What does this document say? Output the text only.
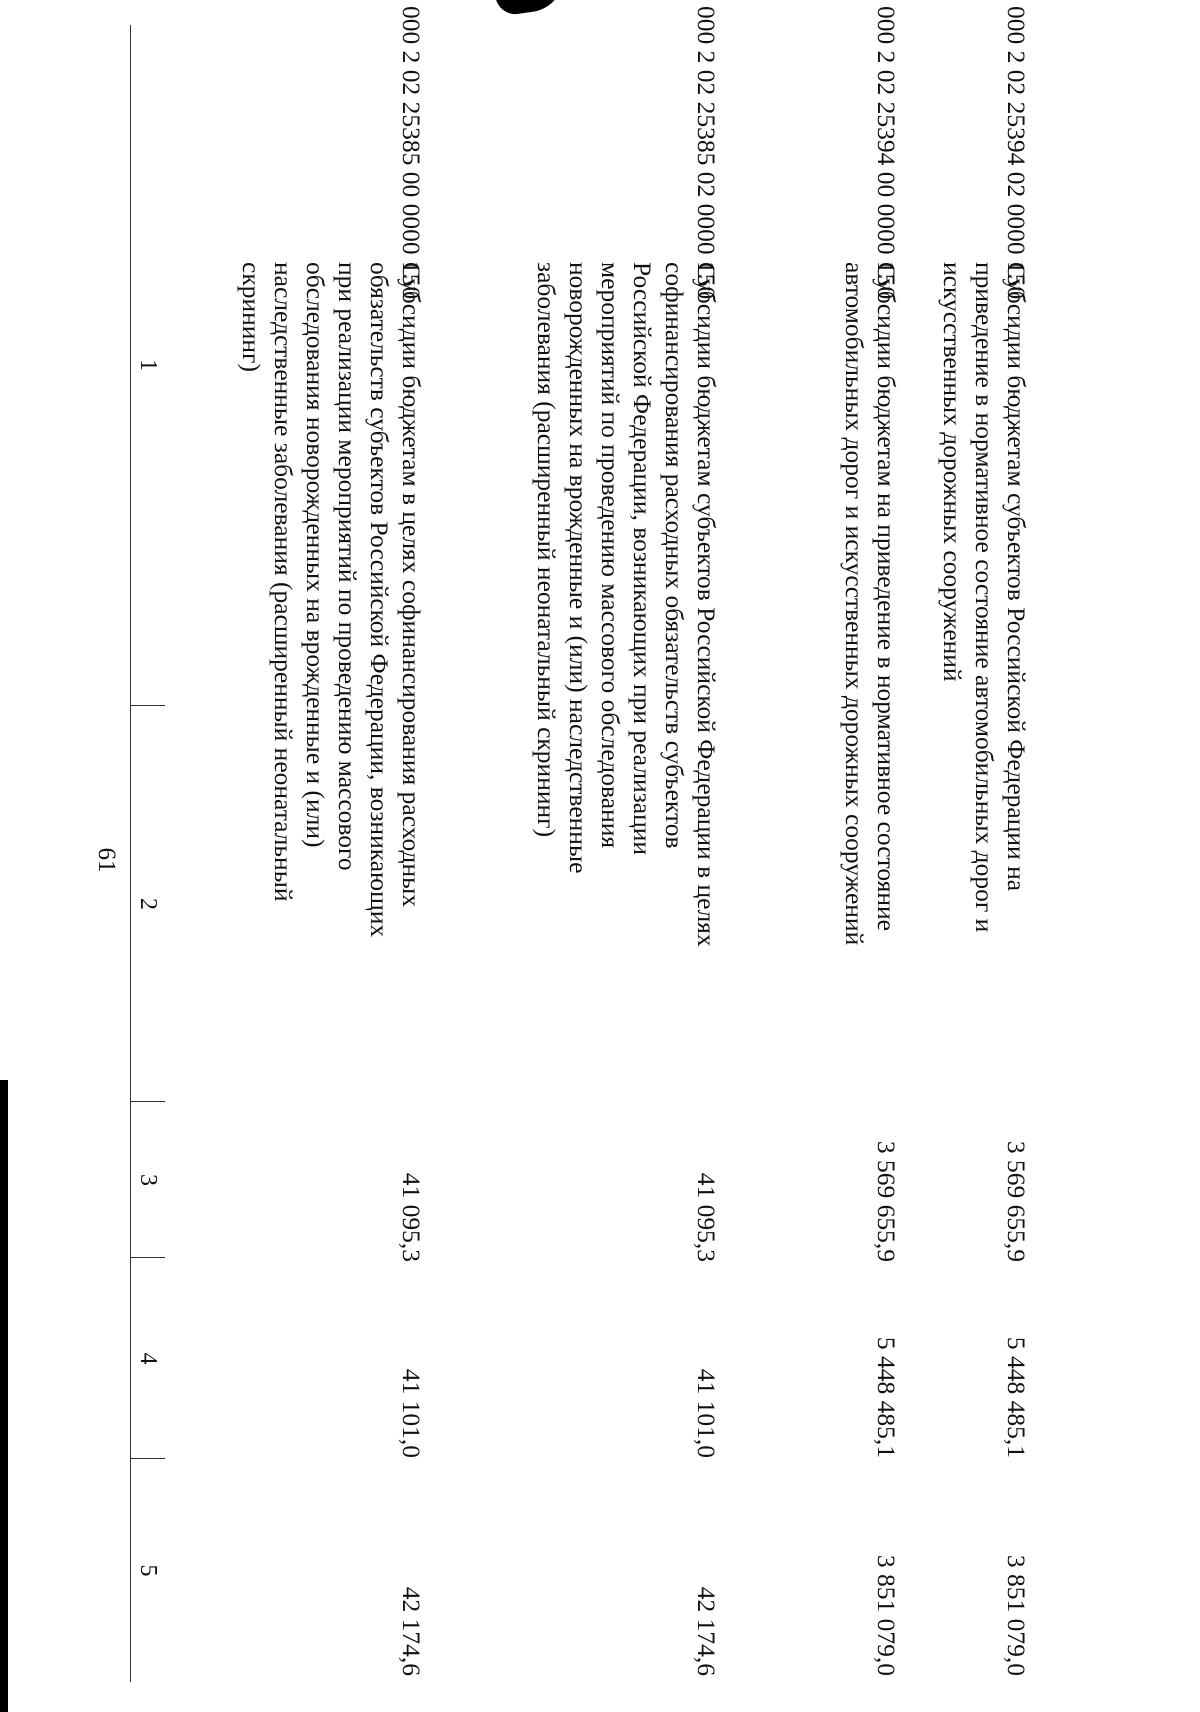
61
1
2
3
4
5
000 2 02 25385 00 0000 150
Субсидии бюджетам в целях софинансирования расходных обязательств субъектов Российской Федерации, возникающих при реализации мероприятий по проведению массового обследования новорожденных на врожденные и (или) наследственные заболевания (расширенный неонатальный скрининг)
41 095,3
41 101,0
42 174,6
000 2 02 25385 02 0000 150
Субсидии бюджетам субъектов Российской Федерации в целях софинансирования расходных обязательств субъектов Российской Федерации, возникающих при реализации мероприятий по проведению массового обследования новорожденных на врожденные и (или) наследственные заболевания (расширенный неонатальный скрининг)
41 095,3
41 101,0
42 174,6
000 2 02 25394 00 0000 150
Субсидии бюджетам на приведение в нормативное состояние автомобильных дорог и искусственных дорожных сооружений
3 569 655,9
5 448 485,1
3 851 079,0
000 2 02 25394 02 0000 150
Субсидии бюджетам субъектов Российской Федерации на приведение в нормативное состояние автомобильных дорог и искусственных дорожных сооружений
3 569 655,9
5 448 485,1
3 851 079,0
